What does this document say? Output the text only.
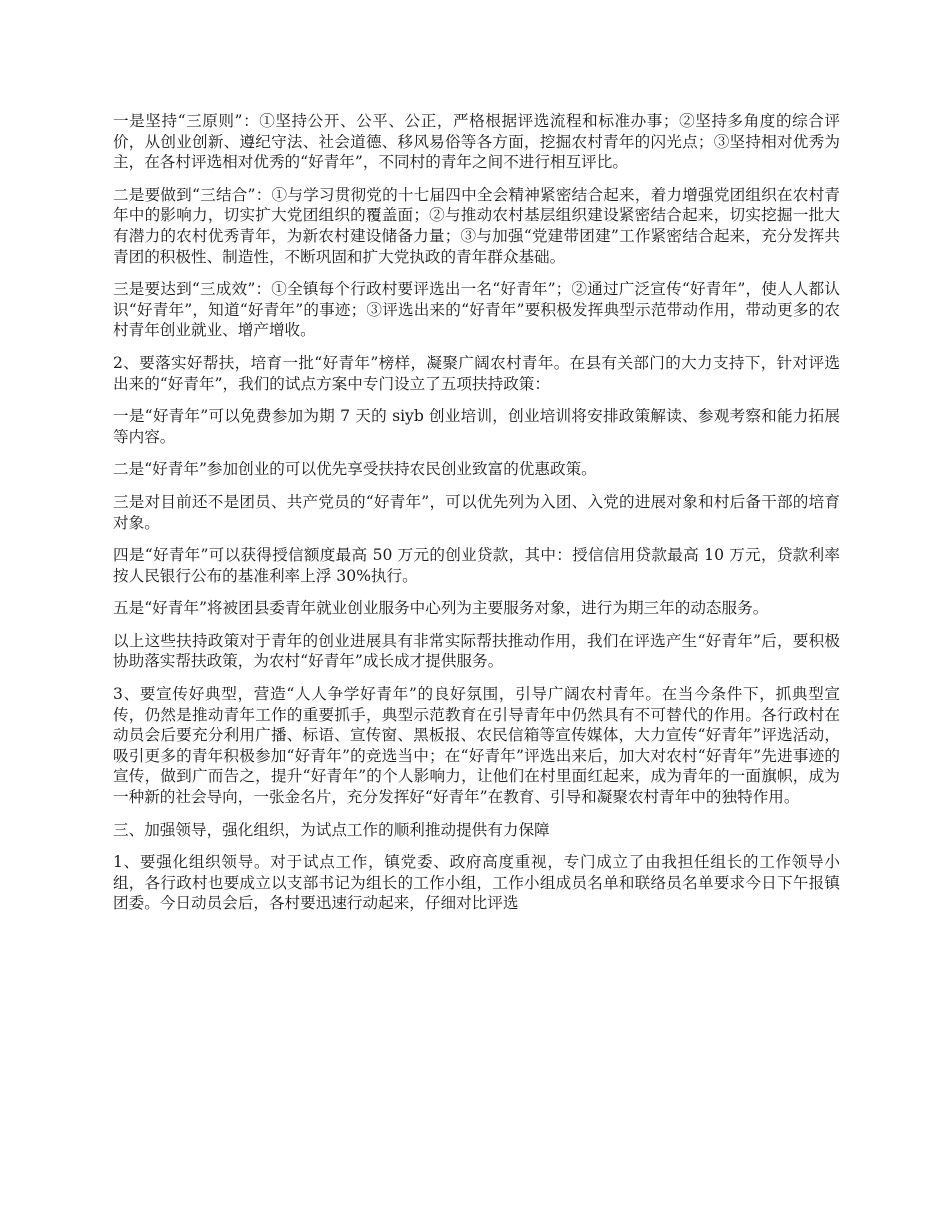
一是坚持“三原则”：①坚持公开、公平、公正，严格根据评选流程和标准办事；②坚持多角度的综合评价，从创业创新、遵纪守法、社会道德、移风易俗等各方面，挖掘农村青年的闪光点；③坚持相对优秀为主，在各村评选相对优秀的“好青年”，不同村的青年之间不进行相互评比。

二是要做到“三结合”：①与学习贯彻党的十七届四中全会精神紧密结合起来，着力增强党团组织在农村青年中的影响力，切实扩大党团组织的覆盖面；②与推动农村基层组织建设紧密结合起来，切实挖掘一批大有潜力的农村优秀青年，为新农村建设储备力量；③与加强“党建带团建”工作紧密结合起来，充分发挥共青团的积极性、制造性，不断巩固和扩大党执政的青年群众基础。

三是要达到“三成效”：①全镇每个行政村要评选出一名“好青年”；②通过广泛宣传“好青年”，使人人都认识“好青年”，知道“好青年”的事迹；③评选出来的“好青年”要积极发挥典型示范带动作用，带动更多的农村青年创业就业、增产增收。

2、要落实好帮扶，培育一批“好青年”榜样，凝聚广阔农村青年。在县有关部门的大力支持下，针对评选出来的“好青年”，我们的试点方案中专门设立了五项扶持政策：

一是“好青年”可以免费参加为期 7 天的 siyb 创业培训，创业培训将安排政策解读、参观考察和能力拓展等内容。

二是“好青年”参加创业的可以优先享受扶持农民创业致富的优惠政策。

三是对目前还不是团员、共产党员的“好青年”，可以优先列为入团、入党的进展对象和村后备干部的培育对象。

四是“好青年”可以获得授信额度最高 50 万元的创业贷款，其中：授信信用贷款最高 10 万元，贷款利率按人民银行公布的基准利率上浮 30%执行。

五是“好青年”将被团县委青年就业创业服务中心列为主要服务对象，进行为期三年的动态服务。

以上这些扶持政策对于青年的创业进展具有非常实际帮扶推动作用，我们在评选产生“好青年”后，要积极协助落实帮扶政策，为农村“好青年”成长成才提供服务。

3、要宣传好典型，营造“人人争学好青年”的良好氛围，引导广阔农村青年。在当今条件下，抓典型宣传，仍然是推动青年工作的重要抓手，典型示范教育在引导青年中仍然具有不可替代的作用。各行政村在动员会后要充分利用广播、标语、宣传窗、黑板报、农民信箱等宣传媒体，大力宣传“好青年”评选活动，吸引更多的青年积极参加“好青年”的竞选当中；在“好青年”评选出来后，加大对农村“好青年”先进事迹的宣传，做到广而告之，提升“好青年”的个人影响力，让他们在村里面红起来，成为青年的一面旗帜，成为一种新的社会导向，一张金名片，充分发挥好“好青年”在教育、引导和凝聚农村青年中的独特作用。

三、加强领导，强化组织，为试点工作的顺利推动提供有力保障

1、要强化组织领导。对于试点工作，镇党委、政府高度重视，专门成立了由我担任组长的工作领导小组，各行政村也要成立以支部书记为组长的工作小组，工作小组成员名单和联络员名单要求今日下午报镇团委。今日动员会后，各村要迅速行动起来，仔细对比评选
